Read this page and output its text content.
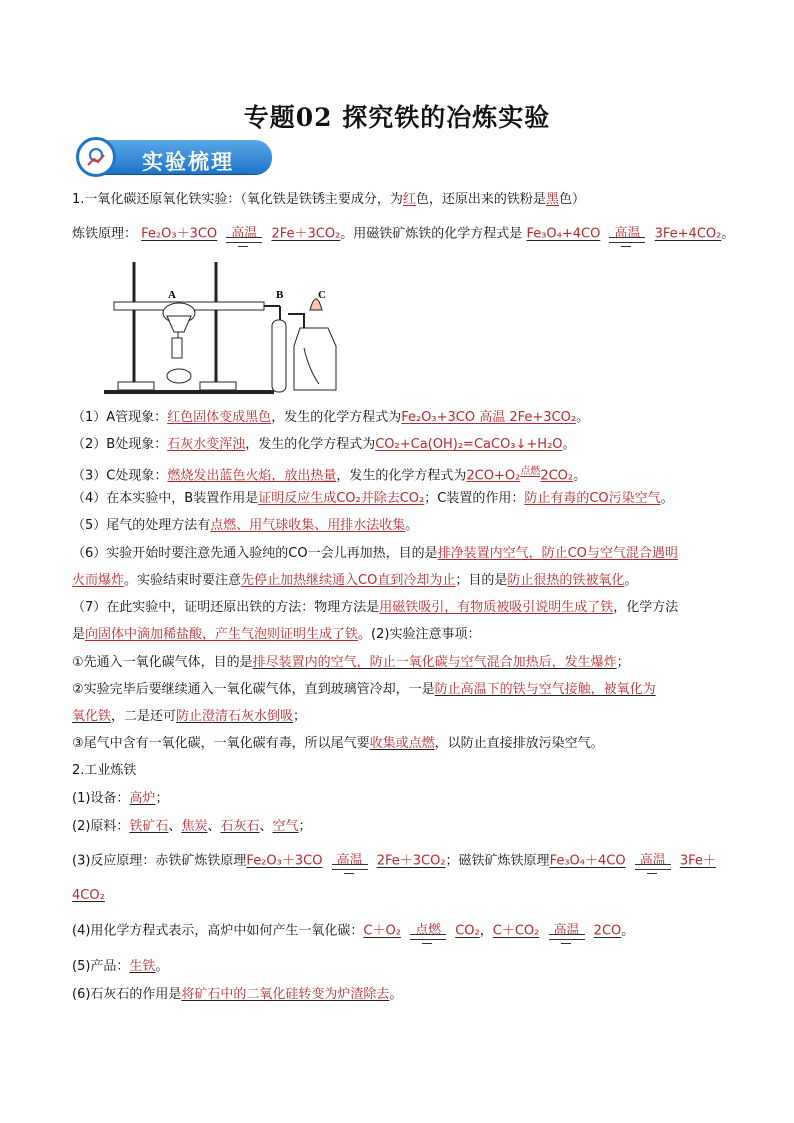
专题02 探究铁的冶炼实验
实验梳理
1.一氧化碳还原氧化铁实验：（氧化铁是铁锈主要成分，为红色，还原出来的铁粉是黑色）
炼铁原理： Fe₂O₃＋3CO	高温	2Fe＋3CO₂。用磁铁矿炼铁的化学方程式是 Fe₃O₄+4CO	高温	3Fe+4CO₂。
A	B	C
（1）A管现象：红色固体变成黑色，发生的化学方程式为Fe₂O₃+3CO 高温 2Fe+3CO₂。
（2）B处现象：石灰水变浑浊，发生的化学方程式为CO₂+Ca(OH)₂=CaCO₃↓+H₂O。
（3）C处现象：燃烧发出蓝色火焰，放出热量，发生的化学方程式为2CO+O₂$^{点燃}$2CO₂。
（4）在本实验中，B装置作用是证明反应生成CO₂并除去CO₂；C装置的作用：防止有毒的CO污染空气。
（5）尾气的处理方法有点燃、用气球收集、用排水法收集。
（6）实验开始时要注意先通入验纯的CO一会儿再加热，目的是排净装置内空气，防止CO与空气混合遇明
火而爆炸。实验结束时要注意先停止加热继续通入CO直到冷却为止；目的是防止很热的铁被氧化。
（7）在此实验中，证明还原出铁的方法：物理方法是用磁铁吸引，有物质被吸引说明生成了铁，化学方法
是向固体中滴加稀盐酸，产生气泡则证明生成了铁。(2)实验注意事项：
①先通入一氧化碳气体，目的是排尽装置内的空气，防止一氧化碳与空气混合加热后，发生爆炸；
②实验完毕后要继续通入一氧化碳气体，直到玻璃管冷却，一是防止高温下的铁与空气接触，被氧化为
氧化铁，二是还可防止澄清石灰水倒吸；
③尾气中含有一氧化碳，一氧化碳有毒，所以尾气要收集或点燃，以防止直接排放污染空气。
2.工业炼铁
(1)设备：高炉；
(2)原料：铁矿石、焦炭、石灰石、空气；
(3)反应原理：赤铁矿炼铁原理Fe₂O₃＋3CO	高温	2Fe＋3CO₂；磁铁矿炼铁原理Fe₃O₄＋4CO	高温	3Fe＋
4CO₂
(4)用化学方程式表示，高炉中如何产生一氧化碳：C＋O₂	点燃	CO₂，C＋CO₂	高温	2CO。
(5)产品：生铁。
(6)石灰石的作用是将矿石中的二氧化硅转变为炉渣除去。
